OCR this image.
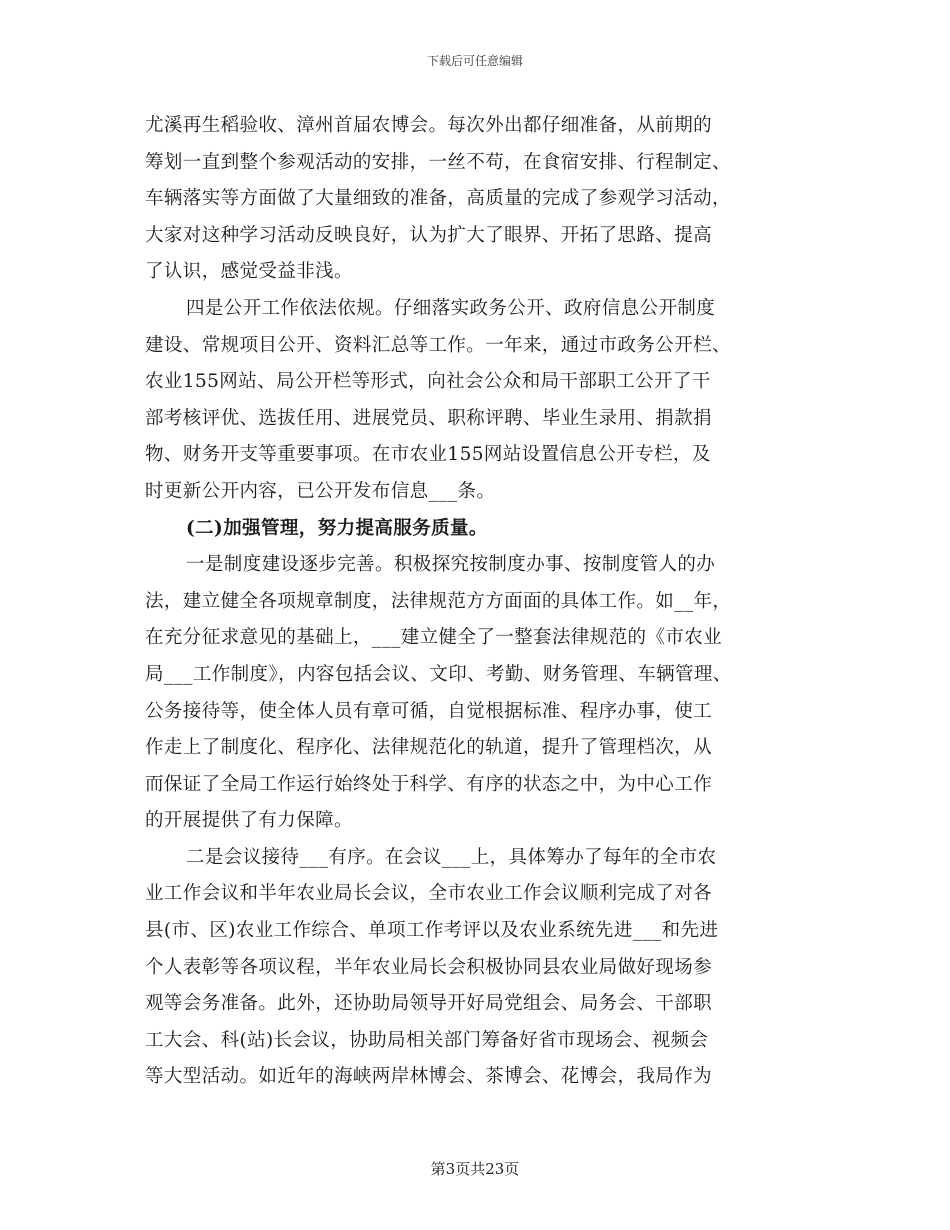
下载后可任意编辑

尤溪再生稻验收、漳州首届农博会。每次外出都仔细准备，从前期的
筹划一直到整个参观活动的安排，一丝不苟，在食宿安排、行程制定、
车辆落实等方面做了大量细致的准备，高质量的完成了参观学习活动，
大家对这种学习活动反映良好，认为扩大了眼界、开拓了思路、提高
了认识，感觉受益非浅。

四是公开工作依法依规。仔细落实政务公开、政府信息公开制度
建设、常规项目公开、资料汇总等工作。一年来，通过市政务公开栏、
农业155网站、局公开栏等形式，向社会公众和局干部职工公开了干
部考核评优、选拔任用、进展党员、职称评聘、毕业生录用、捐款捐
物、财务开支等重要事项。在市农业155网站设置信息公开专栏，及
时更新公开内容，已公开发布信息___条。

(二)加强管理，努力提高服务质量。

一是制度建设逐步完善。积极探究按制度办事、按制度管人的办
法，建立健全各项规章制度，法律规范方方面面的具体工作。如__年，
在充分征求意见的基础上，___建立健全了一整套法律规范的《市农业
局___工作制度》，内容包括会议、文印、考勤、财务管理、车辆管理、
公务接待等，使全体人员有章可循，自觉根据标准、程序办事，使工
作走上了制度化、程序化、法律规范化的轨道，提升了管理档次，从
而保证了全局工作运行始终处于科学、有序的状态之中，为中心工作
的开展提供了有力保障。

二是会议接待___有序。在会议___上，具体筹办了每年的全市农
业工作会议和半年农业局长会议，全市农业工作会议顺利完成了对各
县(市、区)农业工作综合、单项工作考评以及农业系统先进___和先进
个人表彰等各项议程，半年农业局长会积极协同县农业局做好现场参
观等会务准备。此外，还协助局领导开好局党组会、局务会、干部职
工大会、科(站)长会议，协助局相关部门筹备好省市现场会、视频会
等大型活动。如近年的海峡两岸林博会、茶博会、花博会，我局作为

第3页共23页
